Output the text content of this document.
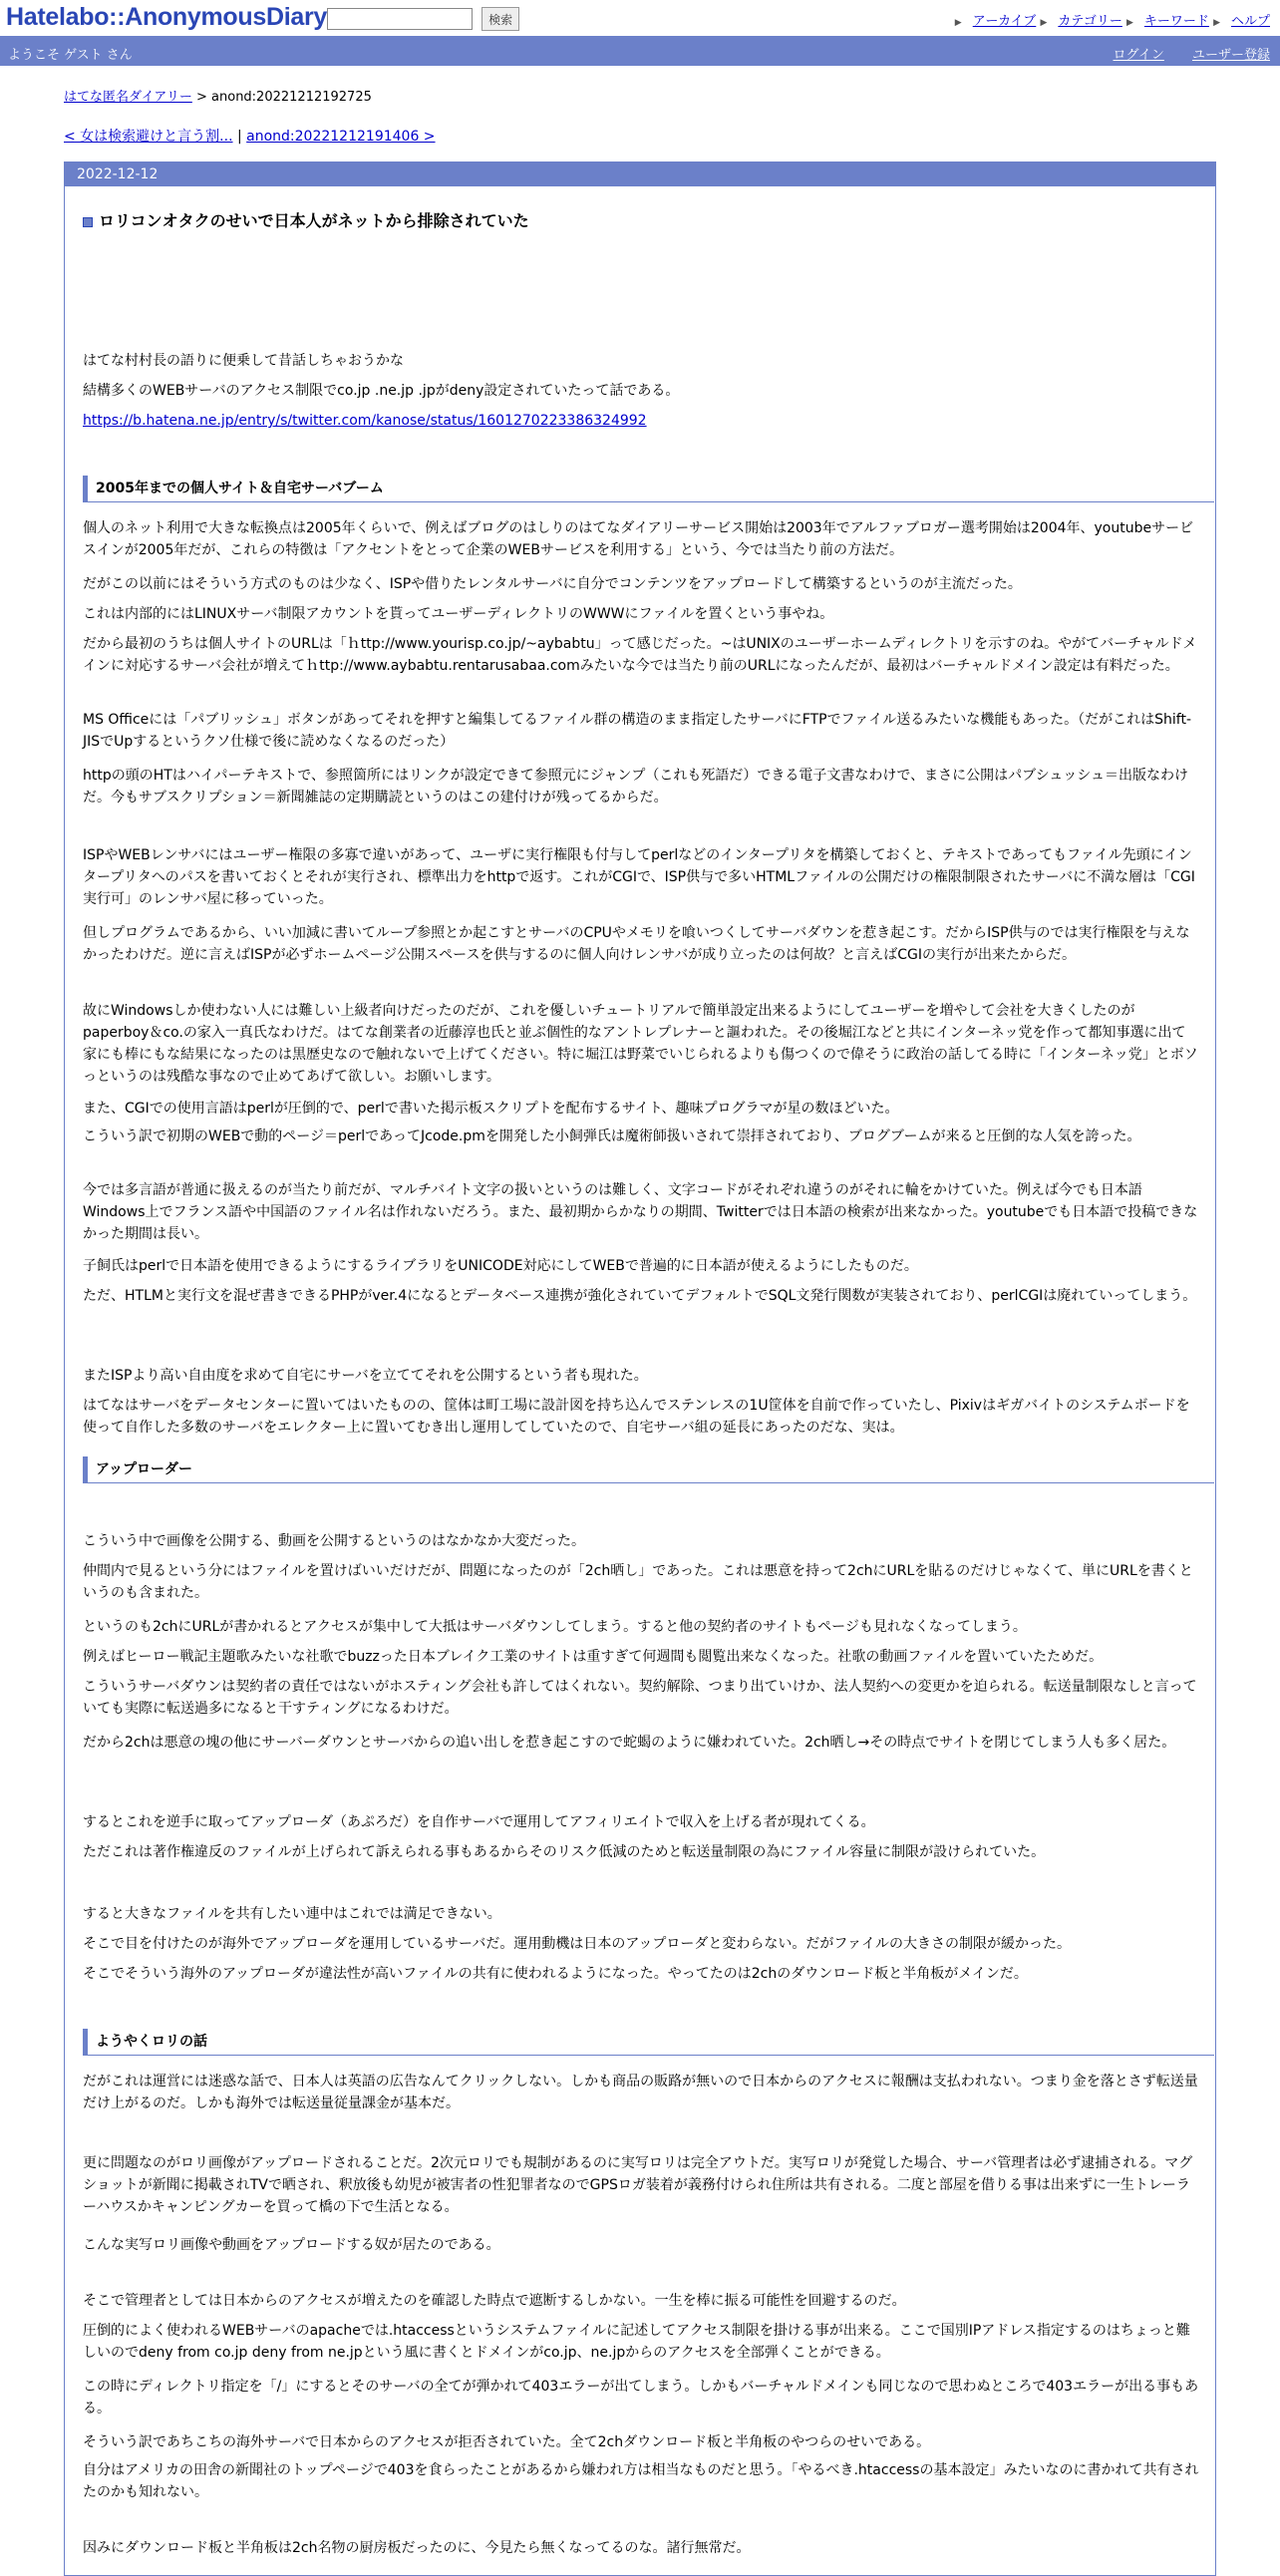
Hatelabo::AnonymousDiary	検索	▶ アーカイブ ▶ カテゴリー ▶ キーワード ▶ ヘルプ
ようこそ ゲスト さん	ログイン ユーザー登録
はてな匿名ダイアリー > anond:20221212192725
< 女は検索避けと言う割... | anond:20221212191406 >
2022-12-12
ロリコンオタクのせいで日本人がネットから排除されていた
はてな村村長の語りに便乗して昔話しちゃおうかな
結構多くのWEBサーバのアクセス制限でco.jp .ne.jp .jpがdeny設定されていたって話である。
https://b.hatena.ne.jp/entry/s/twitter.com/kanose/status/1601270223386324992
2005年までの個人サイト＆自宅サーバブーム
個人のネット利用で大きな転換点は2005年くらいで、例えばブログのはしりのはてなダイアリーサービス開始は2003年でアルファブロガー選考開始は2004年、youtubeサービスインが2005年だが、これらの特徴は「アクセントをとって企業のWEBサービスを利用する」という、今では当たり前の方法だ。
だがこの以前にはそういう方式のものは少なく、ISPや借りたレンタルサーバに自分でコンテンツをアップロードして構築するというのが主流だった。
これは内部的にはLINUXサーバ制限アカウントを貰ってユーザーディレクトリのWWWにファイルを置くという事やね。
だから最初のうちは個人サイトのURLは「ｈttp://www.yourisp.co.jp/~aybabtu」って感じだった。~はUNIXのユーザーホームディレクトリを示すのね。やがてバーチャルドメインに対応するサーバ会社が増えてｈttp://www.aybabtu.rentarusabaa.comみたいな今では当たり前のURLになったんだが、最初はバーチャルドメイン設定は有料だった。
MS Officeには「パブリッシュ」ボタンがあってそれを押すと編集してるファイル群の構造のまま指定したサーバにFTPでファイル送るみたいな機能もあった。（だがこれはShift-JISでUpするというクソ仕様で後に読めなくなるのだった）
httpの頭のHTはハイパーテキストで、参照箇所にはリンクが設定できて参照元にジャンプ（これも死語だ）できる電子文書なわけで、まさに公開はパブシュッシュ＝出版なわけだ。今もサブスクリプション＝新聞雑誌の定期購読というのはこの建付けが残ってるからだ。
ISPやWEBレンサバにはユーザー権限の多寡で違いがあって、ユーザに実行権限も付与してperlなどのインタープリタを構築しておくと、テキストであってもファイル先頭にインタープリタへのパスを書いておくとそれが実行され、標準出力をhttpで返す。これがCGIで、ISP供与で多いHTMLファイルの公開だけの権限制限されたサーバに不満な層は「CGI実行可」のレンサバ屋に移っていった。
但しプログラムであるから、いい加減に書いてループ参照とか起こすとサーバのCPUやメモリを喰いつくしてサーバダウンを惹き起こす。だからISP供与のでは実行権限を与えなかったわけだ。逆に言えばISPが必ずホームページ公開スペースを供与するのに個人向けレンサバが成り立ったのは何故？と言えばCGIの実行が出来たからだ。
故にWindowsしか使わない人には難しい上級者向けだったのだが、これを優しいチュートリアルで簡単設定出来るようにしてユーザーを増やして会社を大きくしたのがpaperboy＆co.の家入一真氏なわけだ。はてな創業者の近藤淳也氏と並ぶ個性的なアントレプレナーと謳われた。その後堀江などと共にインターネッ党を作って都知事選に出て家にも棒にもな結果になったのは黒歴史なので触れないで上げてください。特に堀江は野菜でいじられるよりも傷つくので偉そうに政治の話してる時に「インターネッ党」とボソっというのは残酷な事なので止めてあげて欲しい。お願いします。
また、CGIでの使用言語はperlが圧倒的で、perlで書いた掲示板スクリプトを配布するサイト、趣味プログラマが星の数ほどいた。
こういう訳で初期のWEBで動的ページ＝perlであってJcode.pmを開発した小飼弾氏は魔術師扱いされて崇拝されており、ブログブームが来ると圧倒的な人気を誇った。
今では多言語が普通に扱えるのが当たり前だが、マルチバイト文字の扱いというのは難しく、文字コードがそれぞれ違うのがそれに輪をかけていた。例えば今でも日本語Windows上でフランス語や中国語のファイル名は作れないだろう。また、最初期からかなりの期間、Twitterでは日本語の検索が出来なかった。youtubeでも日本語で投稿できなかった期間は長い。
子飼氏はperlで日本語を使用できるようにするライブラリをUNICODE対応にしてWEBで普遍的に日本語が使えるようにしたものだ。
ただ、HTLMと実行文を混ぜ書きできるPHPがver.4になるとデータベース連携が強化されていてデフォルトでSQL文発行関数が実装されており、perlCGIは廃れていってしまう。
またISPより高い自由度を求めて自宅にサーバを立ててそれを公開するという者も現れた。
はてなはサーバをデータセンターに置いてはいたものの、筐体は町工場に設計図を持ち込んでステンレスの1U筐体を自前で作っていたし、Pixivはギガバイトのシステムボードを使って自作した多数のサーバをエレクター上に置いてむき出し運用してしていたので、自宅サーバ組の延長にあったのだな、実は。
アップローダー
こういう中で画像を公開する、動画を公開するというのはなかなか大変だった。
仲間内で見るという分にはファイルを置けばいいだけだが、問題になったのが「2ch晒し」であった。これは悪意を持って2chにURLを貼るのだけじゃなくて、単にURLを書くというのも含まれた。
というのも2chにURLが書かれるとアクセスが集中して大抵はサーバダウンしてしまう。すると他の契約者のサイトもページも見れなくなってしまう。
例えばヒーロー戦記主題歌みたいな社歌でbuzzった日本ブレイク工業のサイトは重すぎて何週間も閲覧出来なくなった。社歌の動画ファイルを置いていたためだ。
こういうサーバダウンは契約者の責任ではないがホスティング会社も許してはくれない。契約解除、つまり出ていけか、法人契約への変更かを迫られる。転送量制限なしと言っていても実際に転送過多になると干すティングになるわけだ。
だから2chは悪意の塊の他にサーバーダウンとサーバからの追い出しを惹き起こすので蛇蝎のように嫌われていた。2ch晒し→その時点でサイトを閉じてしまう人も多く居た。
するとこれを逆手に取ってアップローダ（あぷろだ）を自作サーバで運用してアフィリエイトで収入を上げる者が現れてくる。
ただこれは著作権違反のファイルが上げられて訴えられる事もあるからそのリスク低減のためと転送量制限の為にファイル容量に制限が設けられていた。
すると大きなファイルを共有したい連中はこれでは満足できない。
そこで目を付けたのが海外でアップローダを運用しているサーバだ。運用動機は日本のアップローダと変わらない。だがファイルの大きさの制限が緩かった。
そこでそういう海外のアップローダが違法性が高いファイルの共有に使われるようになった。やってたのは2chのダウンロード板と半角板がメインだ。
ようやくロリの話
だがこれは運営には迷惑な話で、日本人は英語の広告なんてクリックしない。しかも商品の販路が無いので日本からのアクセスに報酬は支払われない。つまり金を落とさず転送量だけ上がるのだ。しかも海外では転送量従量課金が基本だ。
更に問題なのがロリ画像がアップロードされることだ。2次元ロリでも規制があるのに実写ロリは完全アウトだ。実写ロリが発覚した場合、サーバ管理者は必ず逮捕される。マグショットが新聞に掲載されTVで晒され、釈放後も幼児が被害者の性犯罪者なのでGPSロガ装着が義務付けられ住所は共有される。二度と部屋を借りる事は出来ずに一生トレーラーハウスかキャンピングカーを買って橋の下で生活となる。
こんな実写ロリ画像や動画をアップロードする奴が居たのである。
そこで管理者としては日本からのアクセスが増えたのを確認した時点で遮断するしかない。一生を棒に振る可能性を回避するのだ。
圧倒的によく使われるWEBサーバのapacheでは.htaccessというシステムファイルに記述してアクセス制限を掛ける事が出来る。ここで国別IPアドレス指定するのはちょっと難しいのでdeny from co.jp deny from ne.jpという風に書くとドメインがco.jp、ne.jpからのアクセスを全部弾くことができる。
この時にディレクトリ指定を「/」にするとそのサーバの全てが弾かれて403エラーが出てしまう。しかもバーチャルドメインも同じなので思わぬところで403エラーが出る事もある。
そういう訳であちこちの海外サーバで日本からのアクセスが拒否されていた。全て2chダウンロード板と半角板のやつらのせいである。
自分はアメリカの田舎の新聞社のトップページで403を食らったことがあるから嫌われ方は相当なものだと思う。「やるべき.htaccessの基本設定」みたいなのに書かれて共有されたのかも知れない。
因みにダウンロード板と半角板は2ch名物の厨房板だったのに、今見たら無くなってるのな。諸行無常だ。
